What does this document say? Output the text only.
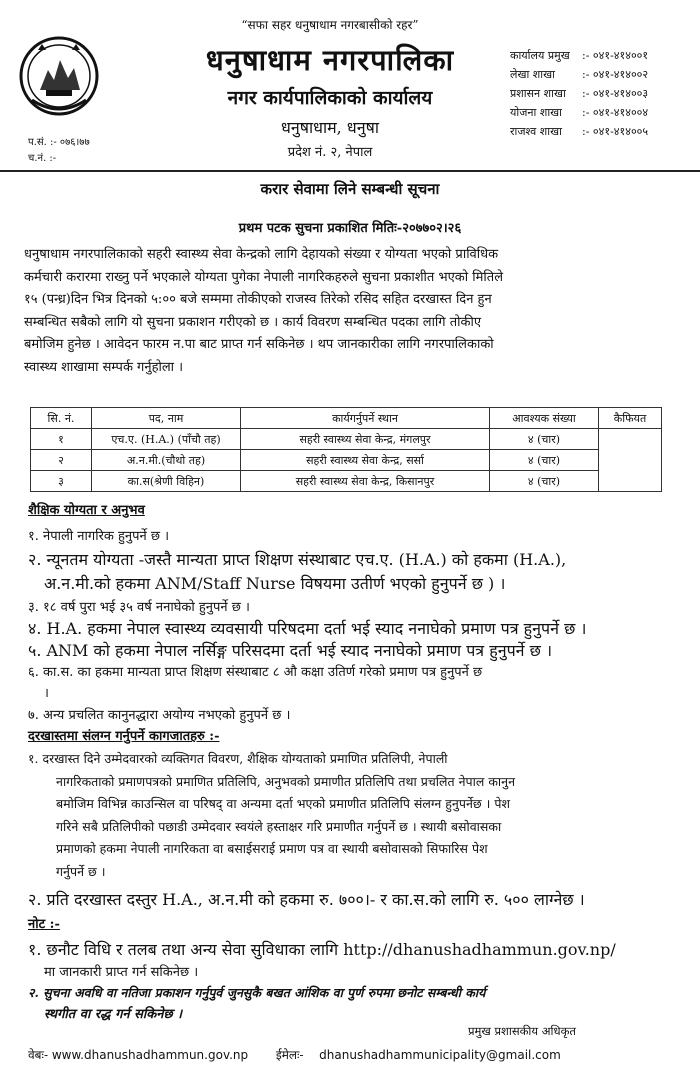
“सफा सहर धनुषाधाम नगरबासीको रहर”
धनुषाधाम नगरपालिका
नगर कार्यपालिकाको कार्यालय
धनुषाधाम, धनुषा
प्रदेश नं. २, नेपाल
प.सं. :- ०७६।७७
च.नं. :-
कार्यालय प्रमुख	:- ०४१-४१४००१
लेखा शाखा	:- ०४१-४१४००२
प्रशासन शाखा	:- ०४१-४१४००३
योजना शाखा	:- ०४१-४१४००४
राजश्व शाखा	:- ०४१-४१४००५
करार सेवामा लिने सम्बन्धी सूचना
प्रथम पटक सुचना प्रकाशित मितिः-२०७७०२।२६
धनुषाधाम नगरपालिकाको सहरी स्वास्थ्य सेवा केन्द्रको लागि देहायको संख्या र योग्यता भएको प्राविधिक
कर्मचारी करारमा राख्नु पर्ने भएकाले योग्यता पुगेका नेपाली नागरिकहरुले सुचना प्रकाशीत भएको मितिले
१५ (पन्ध्र)दिन भित्र दिनको ५:०० बजे सम्ममा तोकीएको राजस्व तिरेको रसिद सहित दरखास्त दिन हुन
सम्बन्धित सबैको लागि यो सुचना प्रकाशन गरीएको छ । कार्य विवरण सम्बन्धित पदका लागि तोकीए
बमोजिम हुनेछ । आवेदन फारम न.पा बाट प्राप्त गर्न सकिनेछ । थप जानकारीका लागि नगरपालिकाको
स्वास्थ्य शाखामा सम्पर्क गर्नुहोला ।
सि. नं.	पद, नाम	कार्यगर्नुपर्ने स्थान	आवश्यक संख्या	कैफियत
१	एच.ए. (H.A.) (पाँचौ तह)	सहरी स्वास्थ्य सेवा केन्द्र, मंगलपुर	४ (चार)	
२	अ.न.मी.(चौथो तह)	सहरी स्वास्थ्य सेवा केन्द्र, सर्सा	४ (चार)	
३	का.स(श्रेणी विहिन)	सहरी स्वास्थ्य सेवा केन्द्र, किसानपुर	४ (चार)	
शैक्षिक योग्यता र अनुभव
१. नेपाली नागरिक हुनुपर्ने छ ।
२. न्यूनतम योग्यता -जस्तै मान्यता प्राप्त शिक्षण संस्थाबाट एच.ए. (H.A.) को हकमा (H.A.),
अ.न.मी.को हकमा ANM/Staff Nurse विषयमा उतीर्ण भएको हुनुपर्ने छ ) ।
३. १८ वर्ष पुरा भई ३५ वर्ष ननाघेको हुनुपर्ने छ ।
४. H.A. हकमा नेपाल स्वास्थ्य व्यवसायी परिषदमा दर्ता भई स्याद ननाघेको प्रमाण पत्र हुनुपर्ने छ ।
५. ANM को हकमा नेपाल नर्सिङ्ग परिसदमा दर्ता भई स्याद ननाघेको प्रमाण पत्र हुनुपर्ने छ ।
६. का.स. का हकमा मान्यता प्राप्त शिक्षण संस्थाबाट ८ औ कक्षा उतिर्ण गरेको प्रमाण पत्र हुनुपर्ने छ
।
७. अन्य प्रचलित कानुनद्धारा अयोग्य नभएको हुनुपर्ने छ ।
दरखास्तमा संलग्न गर्नुपर्ने कागजातहरु :-
१. दरखास्त दिने उम्मेदवारको व्यक्तिगत विवरण, शैक्षिक योग्यताको प्रमाणित प्रतिलिपी, नेपाली
नागरिकताको प्रमाणपत्रको प्रमाणित प्रतिलिपि, अनुभवको प्रमाणीत प्रतिलिपि तथा प्रचलित नेपाल कानुन
बमोजिम विभिन्न काउन्सिल वा परिषद् वा अन्यमा दर्ता भएको प्रमाणीत प्रतिलिपि संलग्न हुनुपर्नेछ । पेश
गरिने सबै प्रतिलिपीको पछाडी उम्मेदवार स्वयंले हस्ताक्षर गरि प्रमाणीत गर्नुपर्ने छ । स्थायी बसोवासका
प्रमाणको हकमा नेपाली नागरिकता वा बसाईसराई प्रमाण पत्र वा स्थायी बसोवासको सिफारिस पेश
गर्नुपर्ने छ ।
२. प्रति दरखास्त दस्तुर H.A., अ.न.मी को हकमा रु. ७००।- र का.स.को लागि रु. ५०० लाग्नेछ ।
नोट :-
१. छनौट विधि र तलब तथा अन्य सेवा सुविधाका लागि http://dhanushadhammun.gov.np/
मा जानकारी प्राप्त गर्न सकिनेछ ।
२. सुचना अवधि वा नतिजा प्रकाशन गर्नुपुर्व जुनसुकै बखत आंशिक वा पुर्ण रुपमा छनोट सम्बन्धी कार्य
स्थगीत वा रद्ध गर्न सकिनेछ ।
प्रमुख प्रशासकीय अधिकृत
वेबः- www.dhanushadhammun.gov.np ईमेलः- dhanushadhammunicipality@gmail.com
